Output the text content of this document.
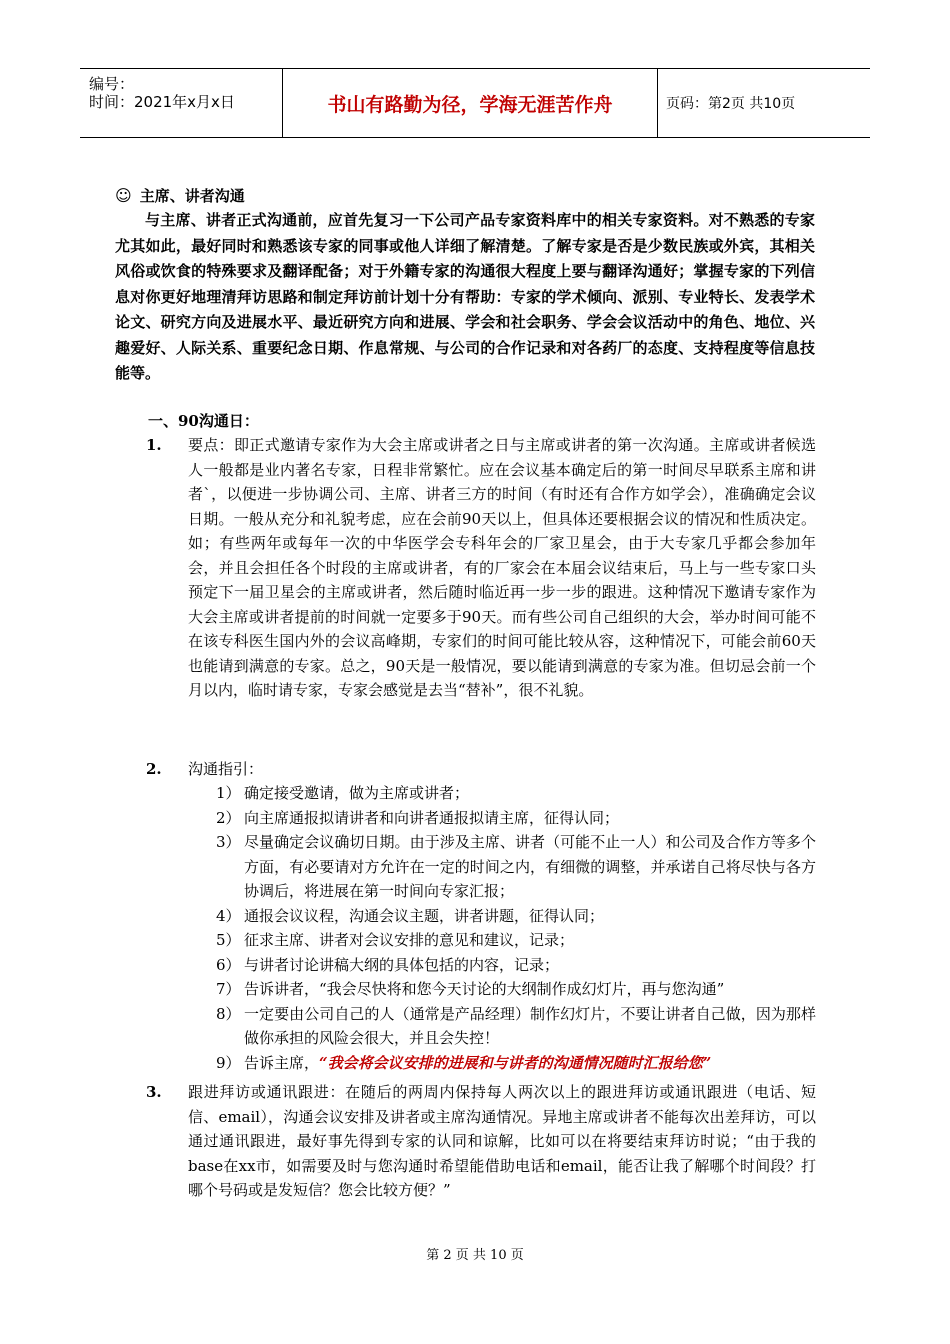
编号：
时间：2021年x月x日	书山有路勤为径，学海无涯苦作舟	页码：第2页 共10页
☺ 主席、讲者沟通

与主席、讲者正式沟通前，应首先复习一下公司产品专家资料库中的相关专家资料。对不熟悉的专家尤其如此，最好同时和熟悉该专家的同事或他人详细了解清楚。了解专家是否是少数民族或外宾，其相关风俗或饮食的特殊要求及翻译配备；对于外籍专家的沟通很大程度上要与翻译沟通好；掌握专家的下列信息对你更好地理清拜访思路和制定拜访前计划十分有帮助：专家的学术倾向、派别、专业特长、发表学术论文、研究方向及进展水平、最近研究方向和进展、学会和社会职务、学会会议活动中的角色、地位、兴趣爱好、人际关系、重要纪念日期、作息常规、与公司的合作记录和对各药厂的态度、支持程度等信息技能等。

一、90沟通日：
1. 要点：即正式邀请专家作为大会主席或讲者之日与主席或讲者的第一次沟通。主席或讲者候选人一般都是业内著名专家，日程非常繁忙。应在会议基本确定后的第一时间尽早联系主席和讲者`，以便进一步协调公司、主席、讲者三方的时间（有时还有合作方如学会），准确确定会议日期。一般从充分和礼貌考虑，应在会前90天以上，但具体还要根据会议的情况和性质决定。如；有些两年或每年一次的中华医学会专科年会的厂家卫星会，由于大专家几乎都会参加年会，并且会担任各个时段的主席或讲者，有的厂家会在本届会议结束后，马上与一些专家口头预定下一届卫星会的主席或讲者，然后随时临近再一步一步的跟进。这种情况下邀请专家作为大会主席或讲者提前的时间就一定要多于90天。而有些公司自己组织的大会，举办时间可能不在该专科医生国内外的会议高峰期，专家们的时间可能比较从容，这种情况下，可能会前60天也能请到满意的专家。总之，90天是一般情况，要以能请到满意的专家为准。但切忌会前一个月以内，临时请专家，专家会感觉是去当“替补”，很不礼貌。
2. 沟通指引：
1） 确定接受邀请，做为主席或讲者；
2） 向主席通报拟请讲者和向讲者通报拟请主席，征得认同；
3） 尽量确定会议确切日期。由于涉及主席、讲者（可能不止一人）和公司及合作方等多个方面，有必要请对方允许在一定的时间之内，有细微的调整，并承诺自己将尽快与各方协调后，将进展在第一时间向专家汇报；
4） 通报会议议程，沟通会议主题，讲者讲题，征得认同；
5） 征求主席、讲者对会议安排的意见和建议，记录；
6） 与讲者讨论讲稿大纲的具体包括的内容，记录；
7） 告诉讲者，“我会尽快将和您今天讨论的大纲制作成幻灯片，再与您沟通”
8） 一定要由公司自己的人（通常是产品经理）制作幻灯片，不要让讲者自己做，因为那样做你承担的风险会很大，并且会失控！
9） 告诉主席，“我会将会议安排的进展和与讲者的沟通情况随时汇报给您”
3. 跟进拜访或通讯跟进：在随后的两周内保持每人两次以上的跟进拜访或通讯跟进（电话、短信、email），沟通会议安排及讲者或主席沟通情况。异地主席或讲者不能每次出差拜访，可以通过通讯跟进，最好事先得到专家的认同和谅解，比如可以在将要结束拜访时说；“由于我的 base在xx市，如需要及时与您沟通时希望能借助电话和email，能否让我了解哪个时间段？打哪个号码或是发短信？您会比较方便？”
第 2 页 共 10 页
